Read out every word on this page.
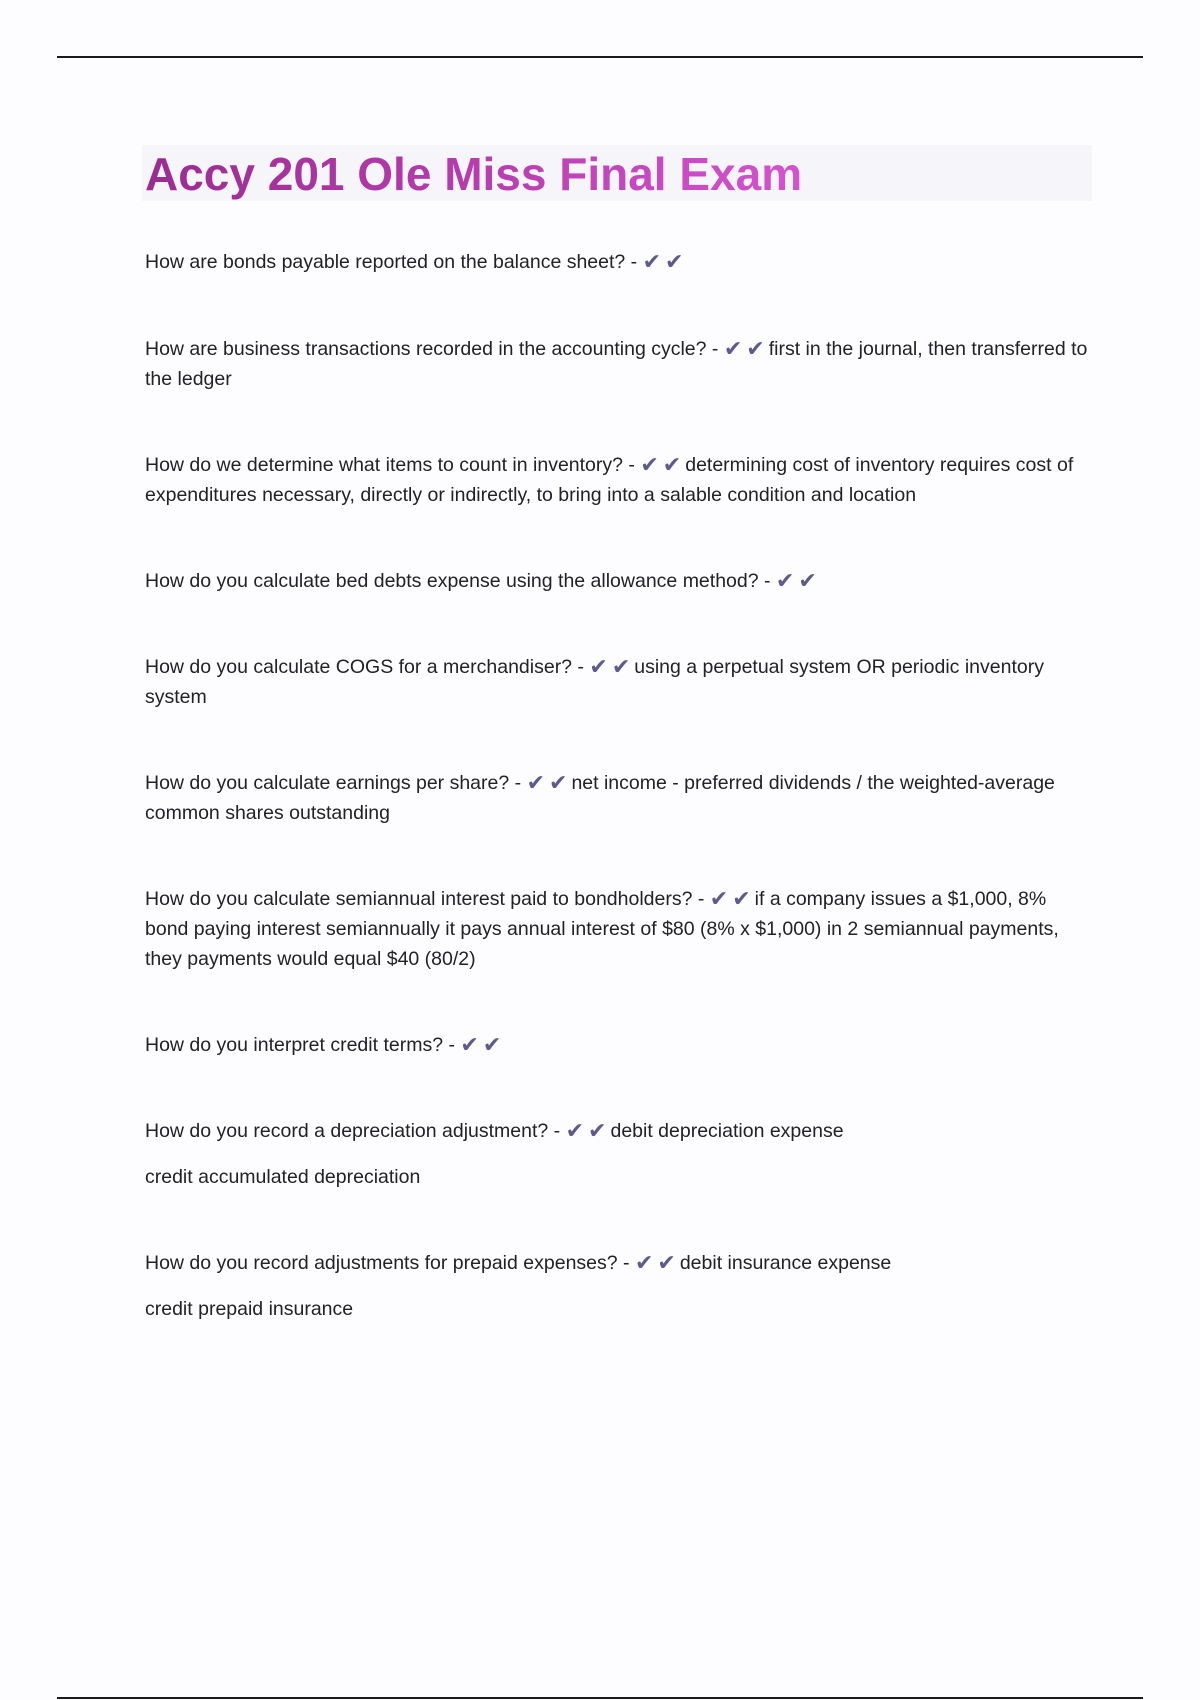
Accy 201 Ole Miss Final Exam

How are bonds payable reported on the balance sheet? - ✔ ✔

How are business transactions recorded in the accounting cycle? - ✔ ✔ first in the journal, then transferred to the ledger

How do we determine what items to count in inventory? - ✔ ✔ determining cost of inventory requires cost of expenditures necessary, directly or indirectly, to bring into a salable condition and location

How do you calculate bed debts expense using the allowance method? - ✔ ✔

How do you calculate COGS for a merchandiser? - ✔ ✔ using a perpetual system OR periodic inventory system

How do you calculate earnings per share? - ✔ ✔ net income - preferred dividends / the weighted-average common shares outstanding

How do you calculate semiannual interest paid to bondholders? - ✔ ✔ if a company issues a $1,000, 8% bond paying interest semiannually it pays annual interest of $80 (8% x $1,000) in 2 semiannual payments, they payments would equal $40 (80/2)

How do you interpret credit terms? - ✔ ✔

How do you record a depreciation adjustment? - ✔ ✔ debit depreciation expense

credit accumulated depreciation

How do you record adjustments for prepaid expenses? - ✔ ✔ debit insurance expense

credit prepaid insurance
